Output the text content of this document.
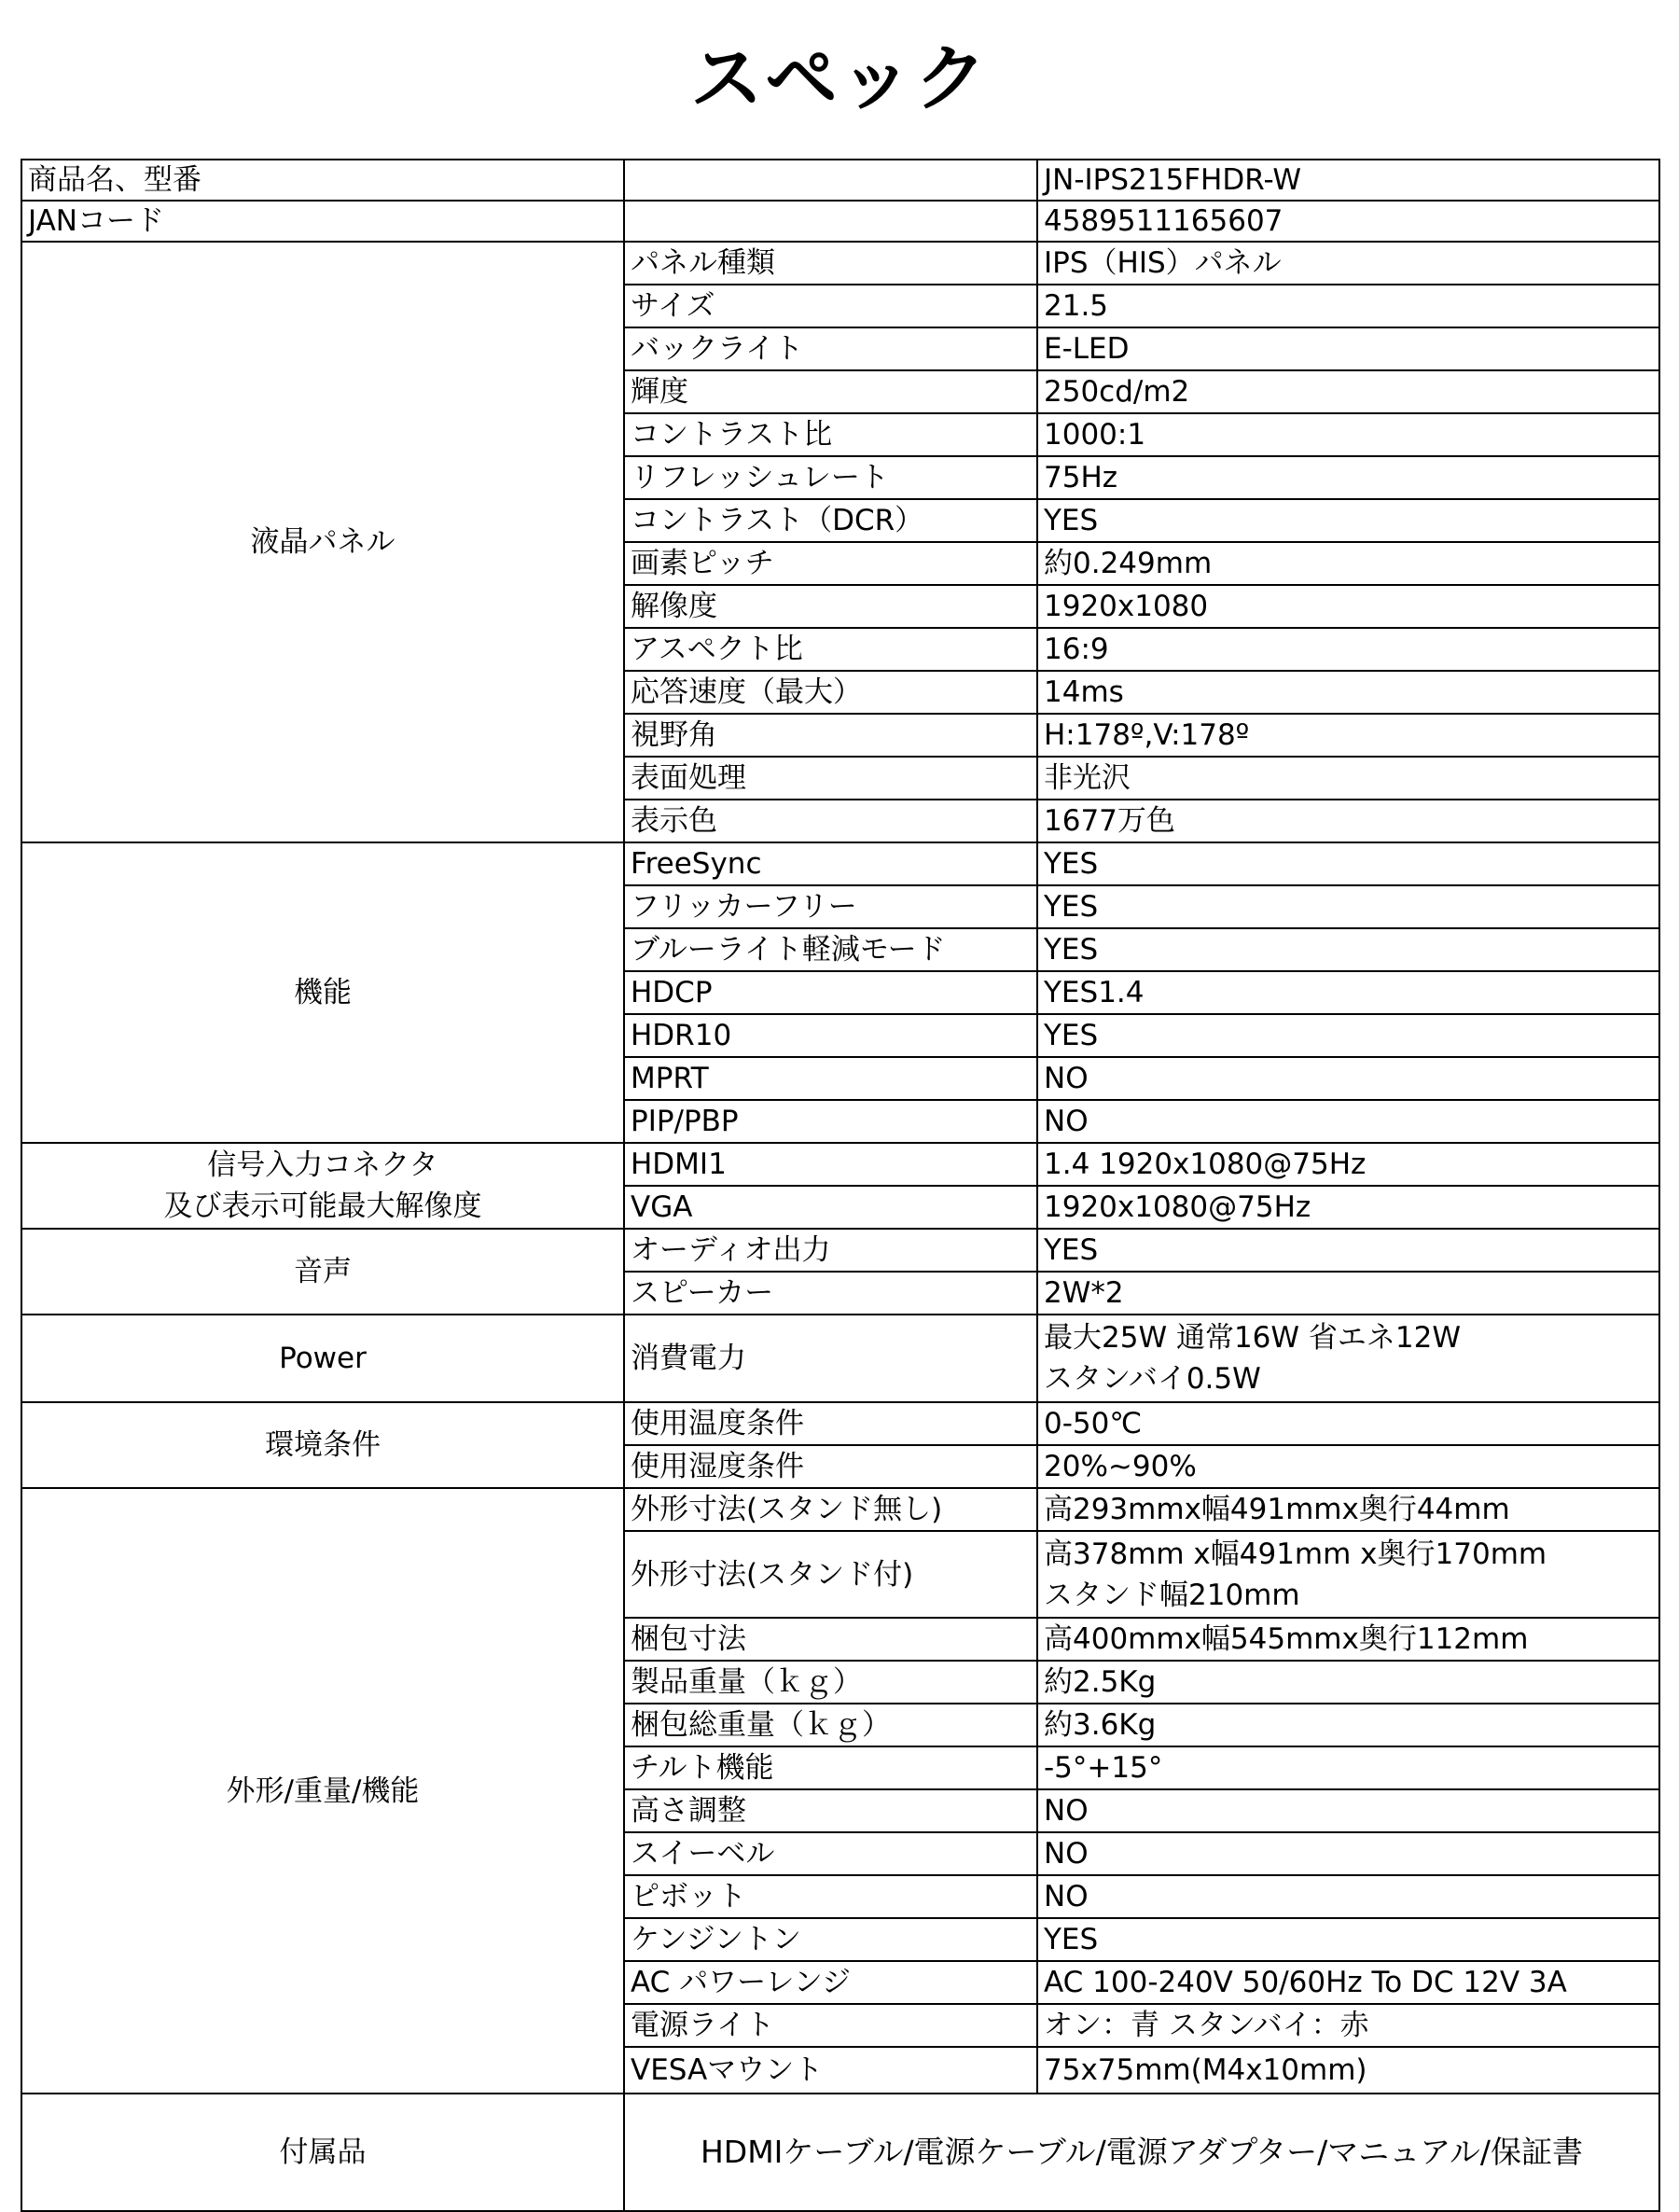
スペック
商品名、型番		JN-IPS215FHDR-W
JANコード		4589511165607

液晶パネル	パネル種類	IPS（HIS）パネル

	サイズ	21.5

	バックライト	E-LED

	輝度	250cd/m2

	コントラスト比	1000:1

	リフレッシュレート	75Hz

	コントラスト（DCR）	YES

	画素ピッチ	約0.249mm

	解像度	1920x1080

	アスペクト比	16:9

	応答速度（最大）	14ms

	視野角	H:178º,V:178º

	表面処理	非光沢

	表示色	1677万色

機能	FreeSync	YES

	フリッカーフリー	YES

	ブルーライト軽減モード	YES

	HDCP	YES1.4

	HDR10	YES

	MPRT	NO

	PIP/PBP	NO

信号入力コネクタ
及び表示可能最大解像度	HDMI1	1.4 1920x1080@75Hz

	VGA	1920x1080@75Hz

音声	オーディオ出力	YES

	スピーカー	2W*2

Power	消費電力	最大25W 通常16W 省エネ12W
スタンバイ0.5W

環境条件	使用温度条件	0-50℃

	使用湿度条件	20%~90%

外形/重量/機能	外形寸法(スタンド無し)	高293mmx幅491mmx奥行44mm

	外形寸法(スタンド付)	高378mm x幅491mm x奥行170mm
スタンド幅210mm

	梱包寸法	高400mmx幅545mmx奥行112mm

	製品重量（ｋｇ）	約2.5Kg

	梱包総重量（ｋｇ）	約3.6Kg

	チルト機能	-5°+15°

	高さ調整	NO

	スイーベル	NO

	ピボット	NO

	ケンジントン	YES

	AC パワーレンジ	AC 100-240V 50/60Hz To DC 12V 3A

	電源ライト	オン：青 スタンバイ：赤

	VESAマウント	75x75mm(M4x10mm)

付属品	HDMIケーブル/電源ケーブル/電源アダプター/マニュアル/保証書	
